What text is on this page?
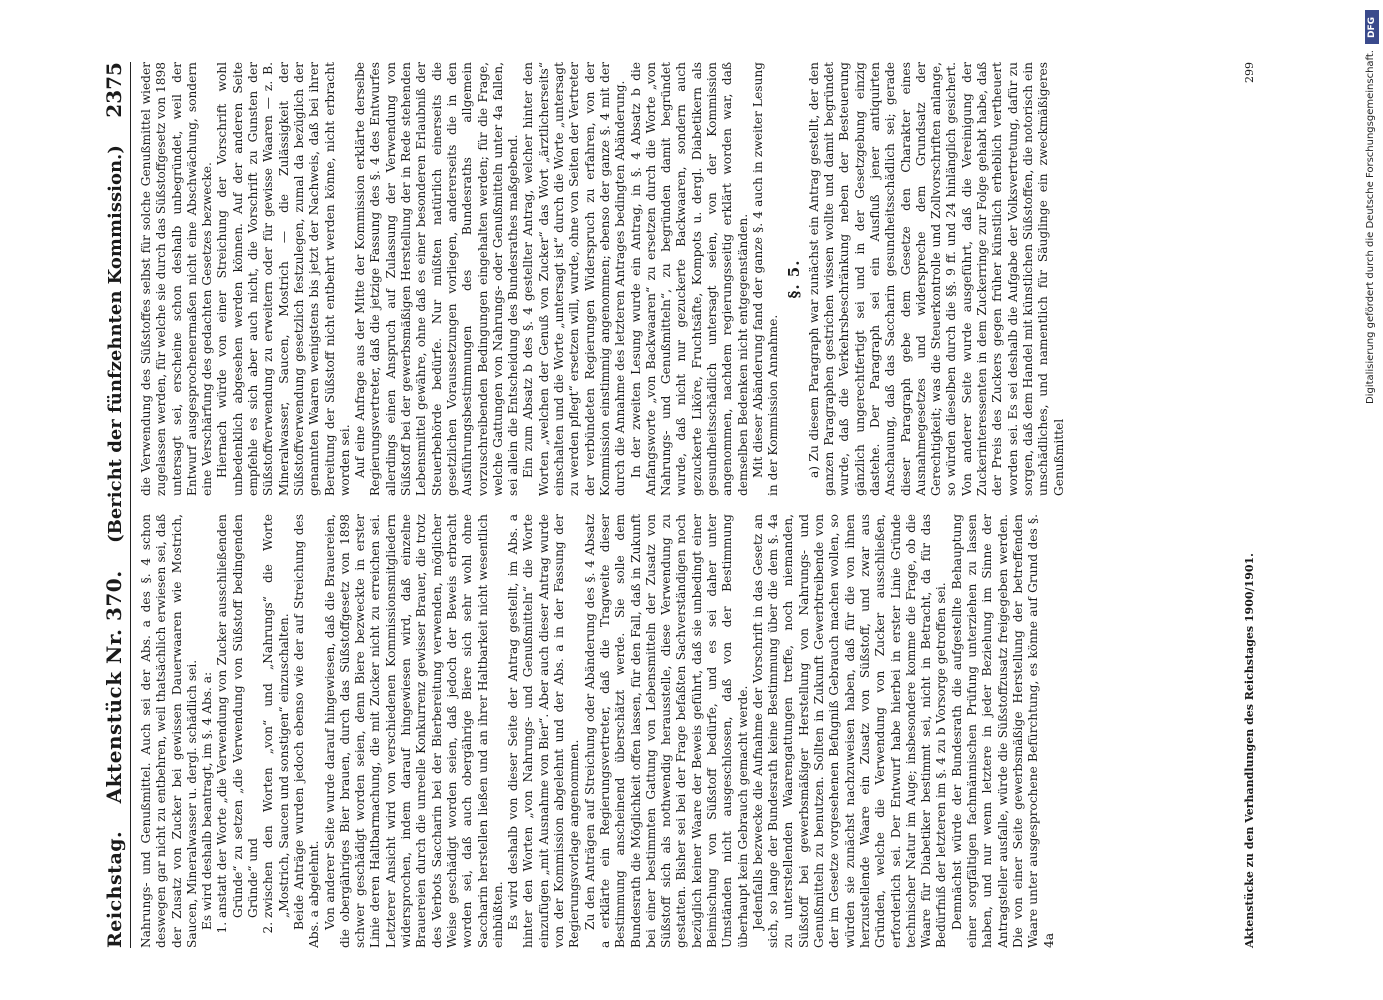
Reichstag.
Aktenstück Nr. 370.
(Bericht der fünfzehnten Kommission.)
2375

Nahrungs- und Genußmittel. Auch sei der Abs. a des §. 4 schon deswegen gar nicht zu entbehren, weil thatsächlich erwiesen sei, daß der Zusatz von Zucker bei gewissen Dauerwaaren wie Mostrich, Saucen, Mineralwasser u. dergl. schädlich sei. Es wird deshalb beantragt, im §. 4 Abs. a: 1. anstatt der Worte „die Verwendung von Zucker ausschließenden Gründe“ zu setzen „die Verwendung von Süßstoff bedingenden Gründe“ und 2. zwischen den Worten „von“ und „Nahrungs“ die Worte „Mostrich, Saucen und sonstigen“ einzuschalten. Beide Anträge wurden jedoch ebenso wie der auf Streichung des Abs. a abgelehnt. Von anderer Seite wurde darauf hingewiesen, daß die Brauereien, die obergähriges Bier brauen, durch das Süßstoffgesetz von 1898 schwer geschädigt worden seien, denn Biere bezweckte in erster Linie deren Haltbarmachung, die mit Zucker nicht zu erreichen sei. Letzterer Ansicht wird von verschiedenen Kommissionsmitgliedern widersprochen, indem darauf hingewiesen wird, daß einzelne Brauereien durch die unreelle Konkurrenz gewisser Brauer, die trotz des Verbots Saccharin bei der Bierbereitung verwenden, möglicher Weise geschädigt worden seien, daß jedoch der Beweis erbracht worden sei, daß auch obergährige Biere sich sehr wohl ohne Saccharin herstellen ließen und an ihrer Haltbarkeit nicht wesentlich einbüßten. Es wird deshalb von dieser Seite der Antrag gestellt, im Abs. a hinter den Worten „von Nahrungs- und Genußmitteln“ die Worte einzufügen „mit Ausnahme von Bier“. Aber auch dieser Antrag wurde von der Kommission abgelehnt und der Abs. a in der Fassung der Regierungsvorlage angenommen. Zu den Anträgen auf Streichung oder Abänderung des §. 4 Absatz a erklärte ein Regierungsvertreter, daß die Tragweite dieser Bestimmung anscheinend überschätzt werde. Sie solle dem Bundesrath die Möglichkeit offen lassen, für den Fall, daß in Zukunft bei einer bestimmten Gattung von Lebensmitteln der Zusatz von Süßstoff sich als nothwendig herausstelle, diese Verwendung zu gestatten. Bisher sei bei der Frage befaßten Sachverständigen noch bezüglich keiner Waare der Beweis geführt, daß sie unbedingt einer Beimischung von Süßstoff bedürfe, und es sei daher unter Umständen nicht ausgeschlossen, daß von der Bestimmung überhaupt kein Gebrauch gemacht werde. Jedenfalls bezwecke die Aufnahme der Vorschrift in das Gesetz an sich, so lange der Bundesrath keine Bestimmung über die dem §. 4a zu unterstellenden Waarengattungen treffe, noch niemanden, Süßstoff bei gewerbsmäßiger Herstellung von Nahrungs- und Genußmitteln zu benutzen. Sollten in Zukunft Gewerbtreibende von der im Gesetze vorgesehenen Befugniß Gebrauch machen wollen, so würden sie zunächst nachzuweisen haben, daß für die von ihnen herzustellende Waare ein Zusatz von Süßstoff, und zwar aus Gründen, welche die Verwendung von Zucker ausschließen, erforderlich sei. Der Entwurf habe hierbei in erster Linie Gründe technischer Natur im Auge; insbesondere komme die Frage, ob die Waare für Diabetiker bestimmt sei, nicht in Betracht, da für das Bedürfniß der letzteren im §. 4 zu b Vorsorge getroffen sei. Demnächst würde der Bundesrath die aufgestellte Behauptung einer sorgfältigen fachmännischen Prüfung unterziehen zu lassen haben, und nur wenn letztere in jeder Beziehung im Sinne der Antragsteller ausfalle, würde die Süßstoffzusatz freigegeben werden. Die von einer Seite gewerbsmäßige Herstellung der betreffenden Waare unter ausgesprochene Befürchtung, es könne auf Grund des §. 4a

die Verwendung des Süßstoffes selbst für solche Genußmittel wieder zugelassen werden, für welche sie durch das Süßstoffgesetz von 1898 untersagt sei, erscheine schon deshalb unbegründet, weil der Entwurf ausgesprochenermaßen nicht eine Abschwächung, sondern eine Verschärfung des gedachten Gesetzes bezwecke. Hiernach würde von einer Streichung der Vorschrift wohl unbedenklich abgesehen werden können. Auf der anderen Seite empfehle es sich aber auch nicht, die Vorschrift zu Gunsten der Süßstoffverwendung zu erweitern oder für gewisse Waaren — z. B. Mineralwasser, Saucen, Mostrich — die Zulässigkeit der Süßstoffverwendung gesetzlich festzulegen, zumal da bezüglich der genannten Waaren wenigstens bis jetzt der Nachweis, daß bei ihrer Bereitung der Süßstoff nicht entbehrt werden könne, nicht erbracht worden sei. Auf eine Anfrage aus der Mitte der Kommission erklärte derselbe Regierungsvertreter, daß die jetzige Fassung des §. 4 des Entwurfes allerdings einen Anspruch auf Zulassung der Verwendung von Süßstoff bei der gewerbsmäßigen Herstellung der in Rede stehenden Lebensmittel gewähre, ohne daß es einer besonderen Erlaubniß der Steuerbehörde bedürfe. Nur müßten natürlich einerseits die gesetzlichen Voraussetzungen vorliegen, andererseits die in den Ausführungsbestimmungen des Bundesraths allgemein vorzuschreibenden Bedingungen eingehalten werden; für die Frage, welche Gattungen von Nahrungs- oder Genußmitteln unter 4a fallen, sei allein die Entscheidung des Bundesrathes maßgebend. Ein zum Absatz b des §. 4 gestellter Antrag, welcher hinter den Worten „welchen der Genuß von Zucker“ das Wort „ärztlicherseits“ einschalten und die Worte „untersagt ist“ durch die Worte „untersagt zu werden pflegt“ ersetzen will, wurde, ohne von Seiten der Vertreter der verbündeten Regierungen Widerspruch zu erfahren, von der Kommission einstimmig angenommen; ebenso der ganze §. 4 mit der durch die Annahme des letzteren Antrages bedingten Abänderung. In der zweiten Lesung wurde ein Antrag, in §. 4 Absatz b die Anfangsworte „von Backwaaren“ zu ersetzen durch die Worte „von Nahrungs- und Genußmitteln“, zu begründen damit begründet wurde, daß nicht nur gezuckerte Backwaaren, sondern auch gezuckerte Liköre, Fruchtsäfte, Kompots u. dergl. Diabetikern als gesundheitsschädlich untersagt seien, von der Kommission angenommen, nachdem regierungsseitig erklärt worden war, daß demselben Bedenken nicht entgegenständen. Mit dieser Abänderung fand der ganze §. 4 auch in zweiter Lesung in der Kommission Annahme.

§. 5. a) Zu diesem Paragraph war zunächst ein Antrag gestellt, der den ganzen Paragraphen gestrichen wissen wollte und damit begründet wurde, daß die Verkehrsbeschränkung neben der Besteuerung gänzlich ungerechtfertigt sei und in der Gesetzgebung einzig dastehe. Der Paragraph sei ein Ausfluß jener antiquirten Anschauung, daß das Saccharin gesundheitsschädlich sei; gerade dieser Paragraph gebe dem Gesetze den Charakter eines Ausnahmegesetzes und widerspreche dem Grundsatz der Gerechtigkeit; was die Steuerkontrolle und Zollvorschriften anlange, so würden dieselben durch die §§. 9 ff. und 24 hinlänglich gesichert. Von anderer Seite wurde ausgeführt, daß die Vereinigung der Zuckerinteressenten in dem Zuckerringe zur Folge gehabt habe, daß der Preis des Zuckers gegen früher künstlich erheblich vertheuert worden sei. Es sei deshalb die Aufgabe der Volksvertretung, dafür zu sorgen, daß dem Handel mit künstlichen Süßstoffen, die notorisch ein unschädliches, und namentlich für Säuglinge ein zweckmäßigeres Genußmittel

Aktenstücke zu den Verhandlungen des Reichstages 1900/1901.
299
DFG
Digitalisierung gefördert durch die Deutsche Forschungsgemeinschaft.
